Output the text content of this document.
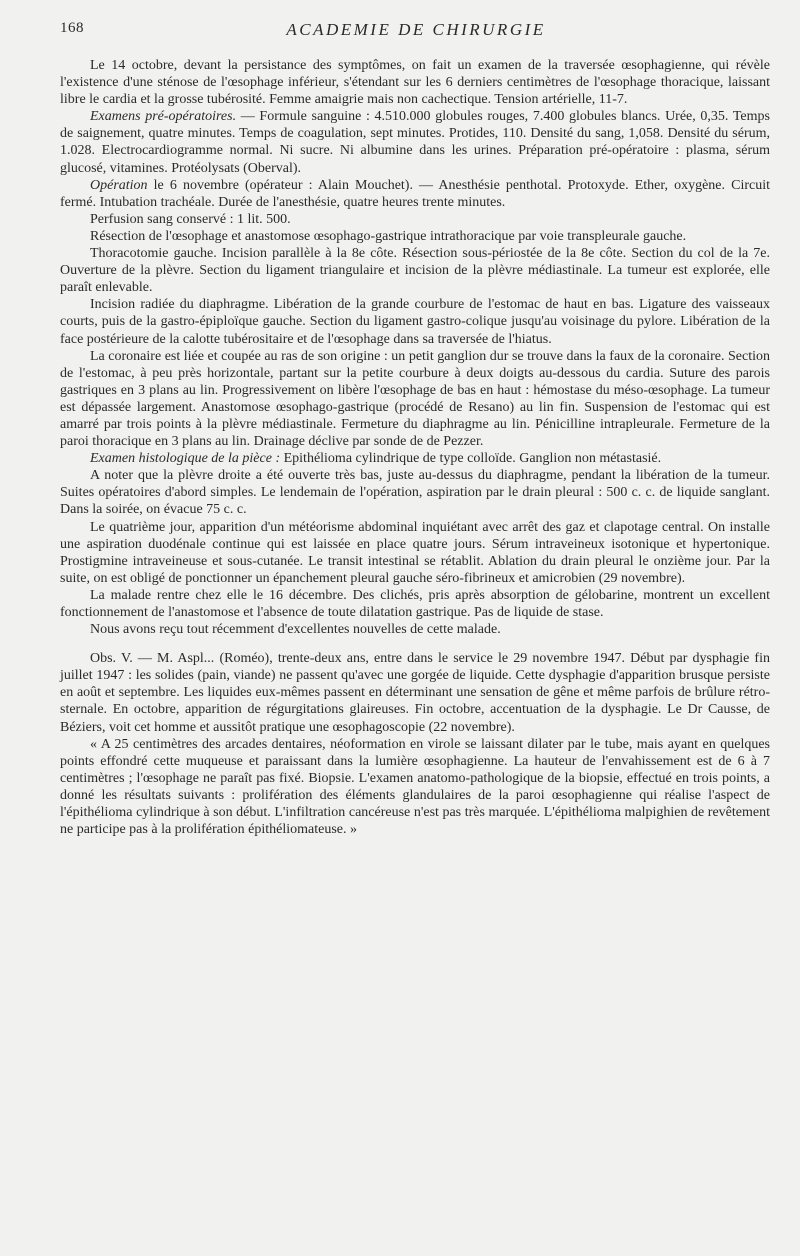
168	ACADEMIE DE CHIRURGIE

Le 14 octobre, devant la persistance des symptômes, on fait un examen de la traversée œsophagienne, qui révèle l'existence d'une sténose de l'œsophage inférieur, s'étendant sur les 6 derniers centimètres de l'œsophage thoracique, laissant libre le cardia et la grosse tubérosité. Femme amaigrie mais non cachectique. Tension artérielle, 11-7.

Examens pré-opératoires. — Formule sanguine : 4.510.000 globules rouges, 7.400 globules blancs. Urée, 0,35. Temps de saignement, quatre minutes. Temps de coagulation, sept minutes. Protides, 110. Densité du sang, 1,058. Densité du sérum, 1.028. Electrocardiogramme normal. Ni sucre. Ni albumine dans les urines. Préparation pré-opératoire : plasma, sérum glucosé, vitamines. Protéolysats (Oberval).

Opération le 6 novembre (opérateur : Alain Mouchet). — Anesthésie penthotal. Protoxyde. Ether, oxygène. Circuit fermé. Intubation trachéale. Durée de l'anesthésie, quatre heures trente minutes.

Perfusion sang conservé : 1 lit. 500.

Résection de l'œsophage et anastomose œsophago-gastrique intrathoracique par voie transpleurale gauche.

Thoracotomie gauche. Incision parallèle à la 8e côte. Résection sous-périostée de la 8e côte. Section du col de la 7e. Ouverture de la plèvre. Section du ligament triangulaire et incision de la plèvre médiastinale. La tumeur est explorée, elle paraît enlevable.

Incision radiée du diaphragme. Libération de la grande courbure de l'estomac de haut en bas. Ligature des vaisseaux courts, puis de la gastro-épiploïque gauche. Section du ligament gastro-colique jusqu'au voisinage du pylore. Libération de la face postérieure de la calotte tubérositaire et de l'œsophage dans sa traversée de l'hiatus.

La coronaire est liée et coupée au ras de son origine : un petit ganglion dur se trouve dans la faux de la coronaire. Section de l'estomac, à peu près horizontale, partant sur la petite courbure à deux doigts au-dessous du cardia. Suture des parois gastriques en 3 plans au lin. Progressivement on libère l'œsophage de bas en haut : hémostase du méso-œsophage. La tumeur est dépassée largement. Anastomose œsophago-gastrique (procédé de Resano) au lin fin. Suspension de l'estomac qui est amarré par trois points à la plèvre médiastinale. Fermeture du diaphragme au lin. Pénicilline intrapleurale. Fermeture de la paroi thoracique en 3 plans au lin. Drainage déclive par sonde de de Pezzer.

Examen histologique de la pièce : Epithélioma cylindrique de type colloïde. Ganglion non métastasié.

A noter que la plèvre droite a été ouverte très bas, juste au-dessus du diaphragme, pendant la libération de la tumeur. Suites opératoires d'abord simples. Le lendemain de l'opération, aspiration par le drain pleural : 500 c. c. de liquide sanglant. Dans la soirée, on évacue 75 c. c.

Le quatrième jour, apparition d'un météorisme abdominal inquiétant avec arrêt des gaz et clapotage central. On installe une aspiration duodénale continue qui est laissée en place quatre jours. Sérum intraveineux isotonique et hypertonique. Prostigmine intraveineuse et sous-cutanée. Le transit intestinal se rétablit. Ablation du drain pleural le onzième jour. Par la suite, on est obligé de ponctionner un épanchement pleural gauche séro-fibrineux et amicrobien (29 novembre).

La malade rentre chez elle le 16 décembre. Des clichés, pris après absorption de gélobarine, montrent un excellent fonctionnement de l'anastomose et l'absence de toute dilatation gastrique. Pas de liquide de stase.

Nous avons reçu tout récemment d'excellentes nouvelles de cette malade.

Obs. V. — M. Aspl... (Roméo), trente-deux ans, entre dans le service le 29 novembre 1947. Début par dysphagie fin juillet 1947 : les solides (pain, viande) ne passent qu'avec une gorgée de liquide. Cette dysphagie d'apparition brusque persiste en août et septembre. Les liquides eux-mêmes passent en déterminant une sensation de gêne et même parfois de brûlure rétro-sternale. En octobre, apparition de régurgitations glaireuses. Fin octobre, accentuation de la dysphagie. Le Dr Causse, de Béziers, voit cet homme et aussitôt pratique une œsophagoscopie (22 novembre).

« A 25 centimètres des arcades dentaires, néoformation en virole se laissant dilater par le tube, mais ayant en quelques points effondré cette muqueuse et paraissant dans la lumière œsophagienne. La hauteur de l'envahissement est de 6 à 7 centimètres ; l'œsophage ne paraît pas fixé. Biopsie. L'examen anatomo-pathologique de la biopsie, effectué en trois points, a donné les résultats suivants : prolifération des éléments glandulaires de la paroi œsophagienne qui réalise l'aspect de l'épithélioma cylindrique à son début. L'infiltration cancéreuse n'est pas très marquée. L'épithélioma malpighien de revêtement ne participe pas à la prolifération épithéliomateuse. »
